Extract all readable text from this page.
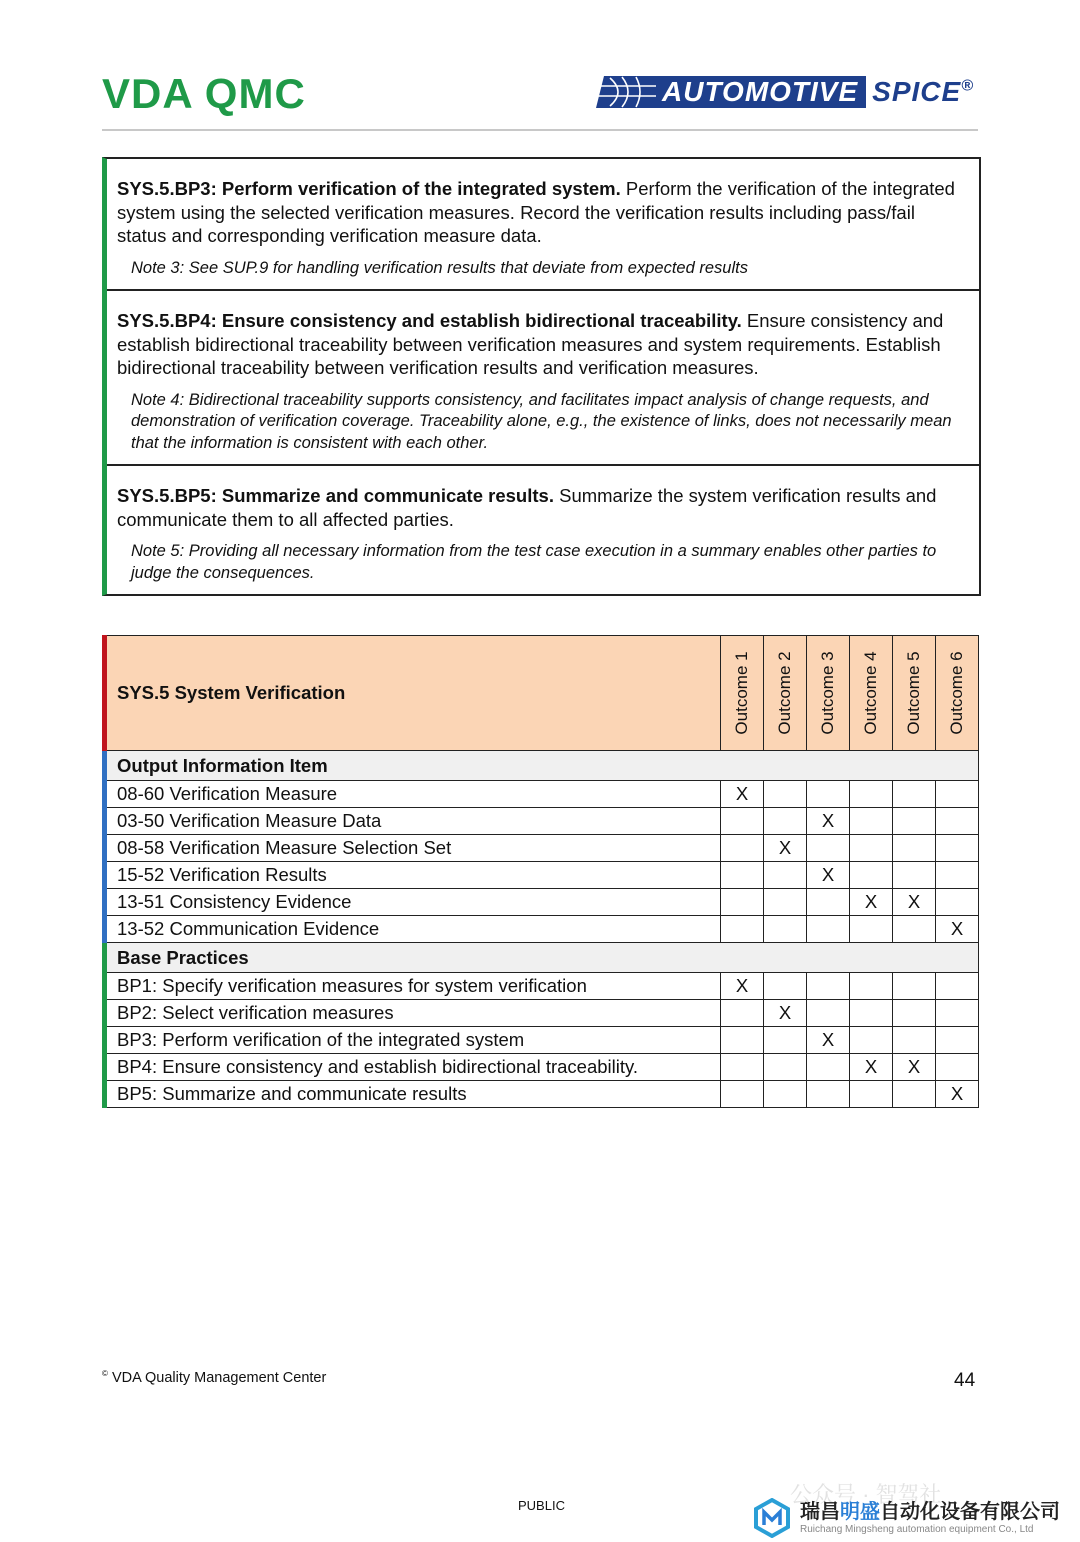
VDA QMC	AUTOMOTIVE SPICE®

SYS.5.BP3: Perform verification of the integrated system. Perform the verification of the integrated system using the selected verification measures. Record the verification results including pass/fail status and corresponding verification measure data.

Note 3: See SUP.9 for handling verification results that deviate from expected results

SYS.5.BP4: Ensure consistency and establish bidirectional traceability. Ensure consistency and establish bidirectional traceability between verification measures and system requirements. Establish bidirectional traceability between verification results and verification measures.

Note 4: Bidirectional traceability supports consistency, and facilitates impact analysis of change requests, and demonstration of verification coverage. Traceability alone, e.g., the existence of links, does not necessarily mean that the information is consistent with each other.

SYS.5.BP5: Summarize and communicate results. Summarize the system verification results and communicate them to all affected parties.

Note 5: Providing all necessary information from the test case execution in a summary enables other parties to judge the consequences.

SYS.5 System Verification	Outcome 1	Outcome 2	Outcome 3	Outcome 4	Outcome 5	Outcome 6

Output Information Item						
08-60 Verification Measure	X					
03-50 Verification Measure Data			X			
08-58 Verification Measure Selection Set		X				
15-52 Verification Results			X			
13-51 Consistency Evidence				X	X	
13-52 Communication Evidence						X
Base Practices						
BP1: Specify verification measures for system verification	X					
BP2: Select verification measures		X				
BP3: Perform verification of the integrated system			X			
BP4: Ensure consistency and establish bidirectional traceability.				X	X	
BP5: Summarize and communicate results						X
© VDA Quality Management Center	44
PUBLIC	公众号 · 智驾社
瑞昌明盛自动化设备有限公司
Ruichang Mingsheng automation equipment Co., Ltd
